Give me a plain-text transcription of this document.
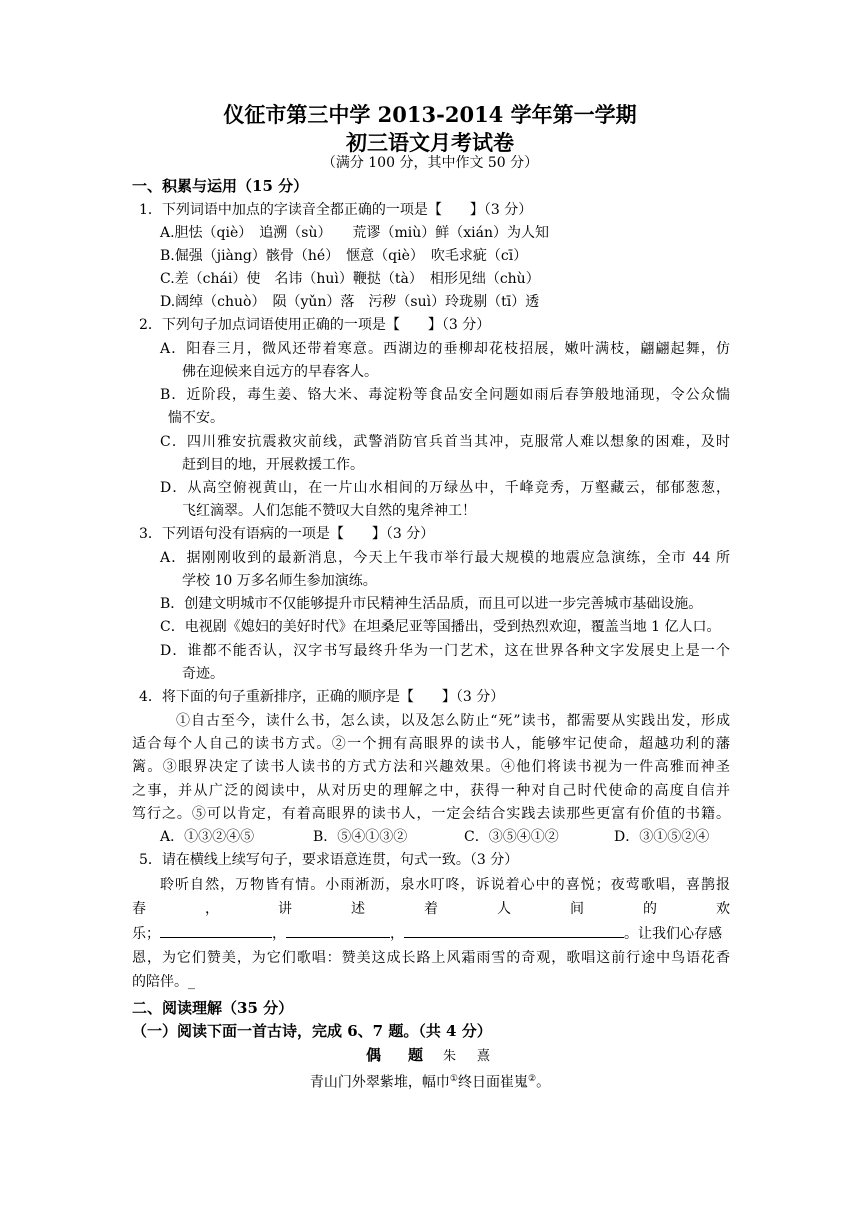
仪征市第三中学 2013-2014 学年第一学期
初三语文月考试卷
（满分 100 分，其中作文 50 分）
一、积累与运用（15 分）
1．下列词语中加点的字读音全都正确的一项是【　　】（3 分）
A.胆怯（qiè）　追溯（sù）　　荒谬（miù）鲜（xián）为人知
B.倔强（jiàng）骸骨（hé）　惬意（qiè）　吹毛求疵（cī）
C.差（chái）使　名讳（huì）鞭挞（tà）　相形见绌（chù）
D.阔绰（chuò）　陨（yǔn）落　污秽（suì）玲珑剔（tī）透
2．下列句子加点词语使用正确的一项是【　　】（3 分）
A．阳春三月，微风还带着寒意。西湖边的垂柳却花枝招展，嫩叶满枝，翩翩起舞，仿
佛在迎候来自远方的早春客人。
B．近阶段，毒生姜、铬大米、毒淀粉等食品安全问题如雨后春笋般地涌现，令公众惴
惴不安。
C．四川雅安抗震救灾前线，武警消防官兵首当其冲，克服常人难以想象的困难，及时
赶到目的地，开展救援工作。
D．从高空俯视黄山，在一片山水相间的万绿丛中，千峰竞秀，万壑藏云，郁郁葱葱，
飞红滴翠。人们怎能不赞叹大自然的鬼斧神工！
3．下列语句没有语病的一项是【　　】（3 分）
A．据刚刚收到的最新消息，今天上午我市举行最大规模的地震应急演练，全市 44 所
学校 10 万多名师生参加演练。
B．创建文明城市不仅能够提升市民精神生活品质，而且可以进一步完善城市基础设施。
C．电视剧《媳妇的美好时代》在坦桑尼亚等国播出，受到热烈欢迎，覆盖当地 1 亿人口。
D．谁都不能否认，汉字书写最终升华为一门艺术，这在世界各种文字发展史上是一个
奇迹。
4．将下面的句子重新排序，正确的顺序是【　　】（3 分）
①自古至今，读什么书，怎么读，以及怎么防止“死”读书，都需要从实践出发，形成
适合每个人自己的读书方式。②一个拥有高眼界的读书人，能够牢记使命，超越功利的藩
篱。③眼界决定了读书人读书的方式方法和兴趣效果。④他们将读书视为一件高雅而神圣
之事，并从广泛的阅读中，从对历史的理解之中，获得一种对自己时代使命的高度自信并
笃行之。⑤可以肯定，有着高眼界的读书人，一定会结合实践去读那些更富有价值的书籍。
A．①③②④⑤	B．⑤④①③②	C．③⑤④①②	D．③①⑤②④
5．请在横线上续写句子，要求语意连贯，句式一致。（3 分）
聆听自然，万物皆有情。小雨淅沥，泉水叮咚，诉说着心中的喜悦；夜莺歌唱，喜鹊报
春	，	讲	述	着	人	间	的	欢
乐；	，	，	。让我们心存感
恩，为它们赞美，为它们歌唱：赞美这成长路上风霜雨雪的奇观，歌唱这前行途中鸟语花香
的陪伴。_
二、阅读理解（35 分）
（一）阅读下面一首古诗，完成 6、7 题。（共 4 分）
偶　题 朱　熹
青山门外翠紫堆，幅巾①终日面崔嵬②。
